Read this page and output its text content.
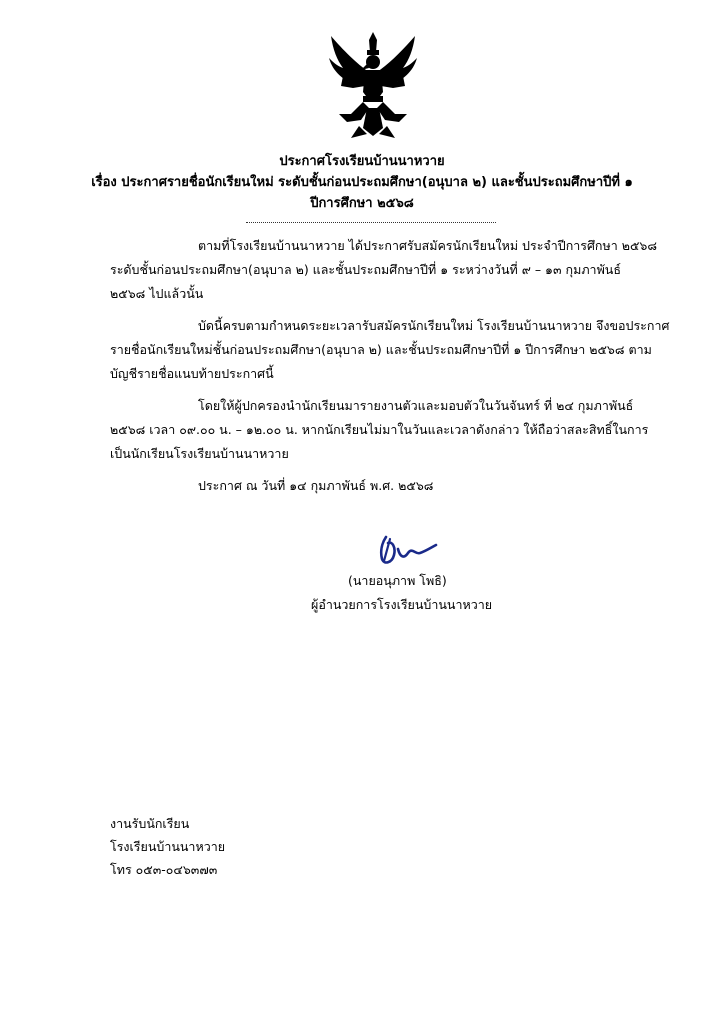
ประกาศโรงเรียนบ้านนาหวาย
เรื่อง ประกาศรายชื่อนักเรียนใหม่ ระดับชั้นก่อนประถมศึกษา(อนุบาล ๒) และชั้นประถมศึกษาปีที่ ๑
ปีการศึกษา ๒๕๖๘
ตามที่โรงเรียนบ้านนาหวาย ได้ประกาศรับสมัครนักเรียนใหม่ ประจำปีการศึกษา ๒๕๖๘
ระดับชั้นก่อนประถมศึกษา(อนุบาล ๒) และชั้นประถมศึกษาปีที่ ๑ ระหว่างวันที่ ๙ – ๑๓ กุมภาพันธ์
๒๕๖๘ ไปแล้วนั้น
บัดนี้ครบตามกำหนดระยะเวลารับสมัครนักเรียนใหม่ โรงเรียนบ้านนาหวาย จึงขอประกาศ
รายชื่อนักเรียนใหม่ชั้นก่อนประถมศึกษา(อนุบาล ๒) และชั้นประถมศึกษาปีที่ ๑ ปีการศึกษา ๒๕๖๘ ตาม
บัญชีรายชื่อแนบท้ายประกาศนี้
โดยให้ผู้ปกครองนำนักเรียนมารายงานตัวและมอบตัวในวันจันทร์ ที่ ๒๔ กุมภาพันธ์
๒๕๖๘ เวลา ๐๙.๐๐ น. – ๑๒.๐๐ น. หากนักเรียนไม่มาในวันและเวลาดังกล่าว ให้ถือว่าสละสิทธิ์ในการ
เป็นนักเรียนโรงเรียนบ้านนาหวาย
ประกาศ ณ วันที่ ๑๔ กุมภาพันธ์ พ.ศ. ๒๕๖๘
(นายอนุภาพ โพธิ)
ผู้อำนวยการโรงเรียนบ้านนาหวาย
งานรับนักเรียน
โรงเรียนบ้านนาหวาย
โทร ๐๕๓-๐๔๖๓๗๓
